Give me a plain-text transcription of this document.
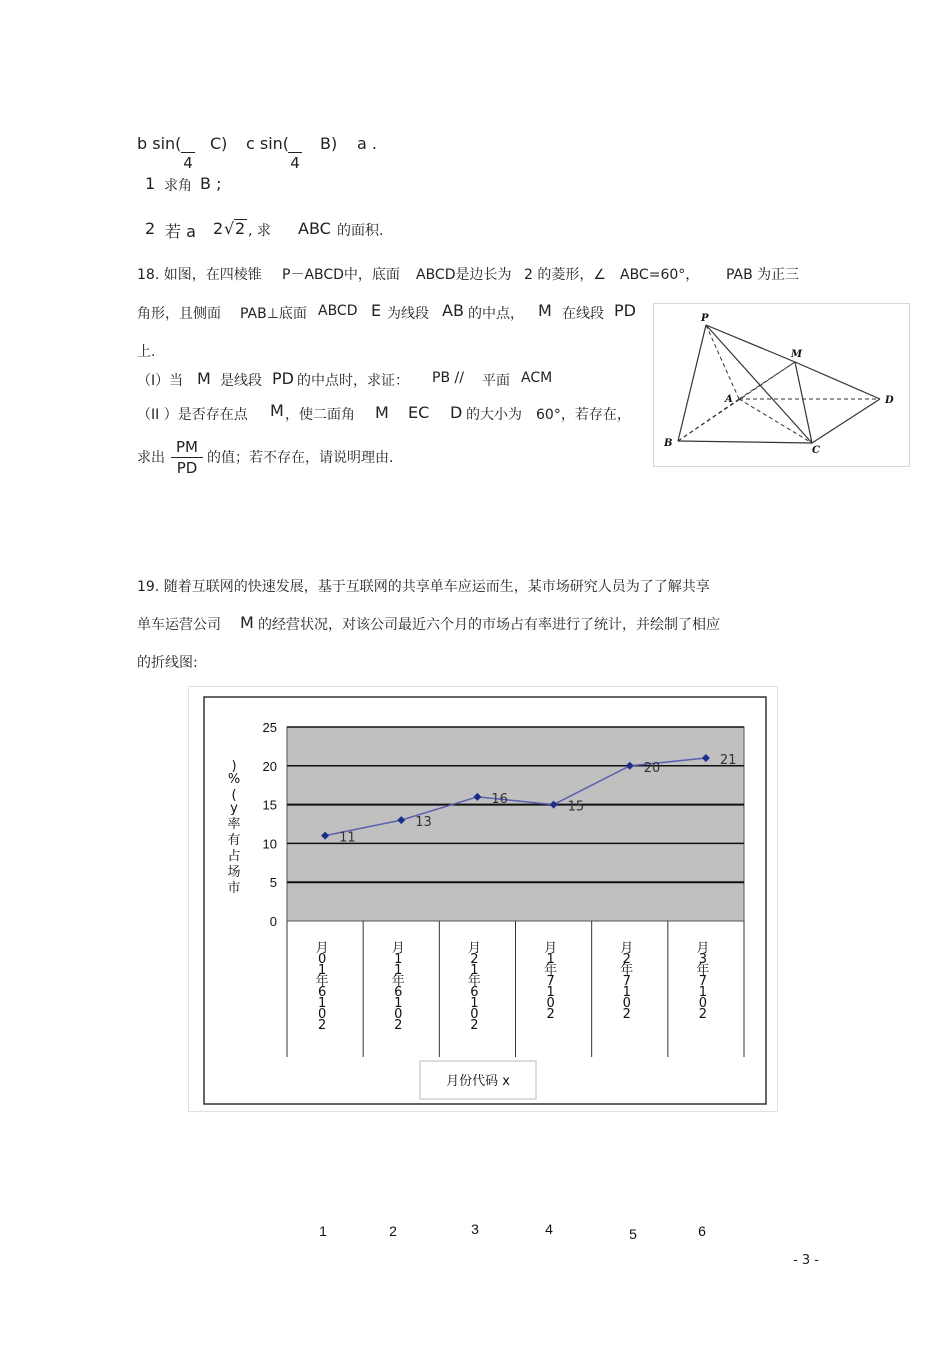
b sin(

4
C) c sin(

4
B) a .
1 求角 B ;
2 若 a 2 √ 2 , 求 ABC 的面积.
18. 如图，在四棱锥 P－ABCD中，底面 ABCD是边长为 2 的菱形，∠ ABC=60°， PAB 为正三
角形，且侧面 PAB⊥底面 ABCD E 为线段 AB 的中点， M 在线段 PD
上.
（I）当 M 是线段 PD 的中点时，求证： PB // 平面 ACM
（II ）是否存在点 M ，使二面角 M EC D 的大小为 60°，若存在，
求出 $\frac{PM}{PD}$ 的值；若不存在，请说明理由.
P
M
A	D
B
C
19. 随着互联网的快速发展，基于互联网的共享单车应运而生，某市场研究人员为了了解共享
单车运营公司 M 的经营状况，对该公司最近六个月的市场占有率进行了统计，并绘制了相应
的折线图:
0
5
10
15
20
25
)
%
(
y
率
有
占
场
市
月
0
1
年
6
1
0
2
月
1
1
年
6
1
0
2
月
2
1
年
6
1
0
2
月
1
年
7
1
0
2
月
2
年
7
1
0
2
月
3
年
7
1
0
2
11
13
16
15
20
21
月份代码 x
1	2	3	4	5	6
- 3 -
